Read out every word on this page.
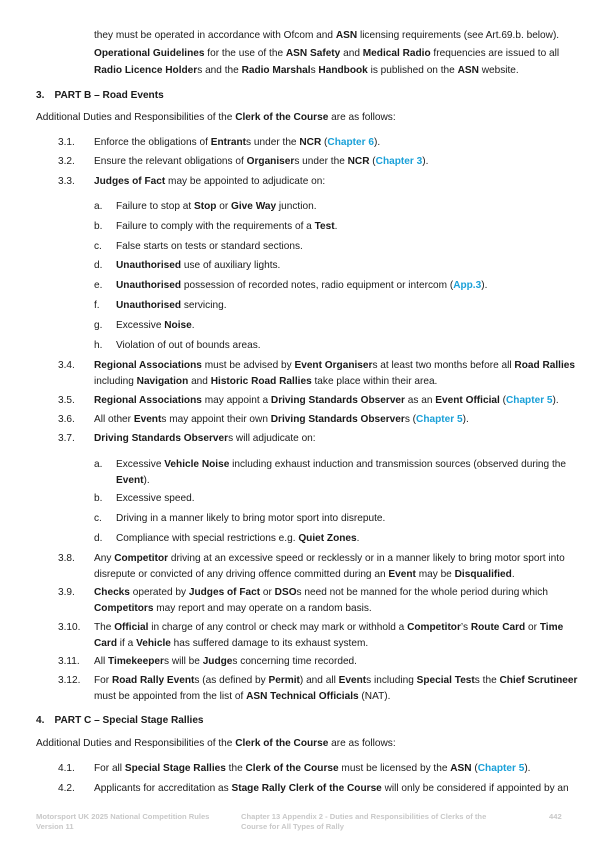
they must be operated in accordance with Ofcom and ASN licensing requirements (see Art.69.b. below).
Operational Guidelines for the use of the ASN Safety and Medical Radio frequencies are issued to all
Radio Licence Holders and the Radio Marshals Handbook is published on the ASN website.
3. PART B – Road Events
Additional Duties and Responsibilities of the Clerk of the Course are as follows:
3.1. Enforce the obligations of Entrants under the NCR (Chapter 6).
3.2. Ensure the relevant obligations of Organisers under the NCR (Chapter 3).
3.3. Judges of Fact may be appointed to adjudicate on:
a. Failure to stop at Stop or Give Way junction.
b. Failure to comply with the requirements of a Test.
c. False starts on tests or standard sections.
d. Unauthorised use of auxiliary lights.
e. Unauthorised possession of recorded notes, radio equipment or intercom (App.3).
f. Unauthorised servicing.
g. Excessive Noise.
h. Violation of out of bounds areas.
3.4. Regional Associations must be advised by Event Organisers at least two months before all Road Rallies
including Navigation and Historic Road Rallies take place within their area.
3.5. Regional Associations may appoint a Driving Standards Observer as an Event Official (Chapter 5).
3.6. All other Events may appoint their own Driving Standards Observers (Chapter 5).
3.7. Driving Standards Observers will adjudicate on:
a. Excessive Vehicle Noise including exhaust induction and transmission sources (observed during the
Event).
b. Excessive speed.
c. Driving in a manner likely to bring motor sport into disrepute.
d. Compliance with special restrictions e.g. Quiet Zones.
3.8. Any Competitor driving at an excessive speed or recklessly or in a manner likely to bring motor sport into
disrepute or convicted of any driving offence committed during an Event may be Disqualified.
3.9. Checks operated by Judges of Fact or DSOs need not be manned for the whole period during which
Competitors may report and may operate on a random basis.
3.10. The Official in charge of any control or check may mark or withhold a Competitor’s Route Card or Time
Card if a Vehicle has suffered damage to its exhaust system.
3.11. All Timekeepers will be Judges concerning time recorded.
3.12. For Road Rally Events (as defined by Permit) and all Events including Special Tests the Chief Scrutineer
must be appointed from the list of ASN Technical Officials (NAT).
4. PART C – Special Stage Rallies
Additional Duties and Responsibilities of the Clerk of the Course are as follows:
4.1. For all Special Stage Rallies the Clerk of the Course must be licensed by the ASN (Chapter 5).
4.2. Applicants for accreditation as Stage Rally Clerk of the Course will only be considered if appointed by an
Motorsport UK 2025 National Competition Rules
Version 11
Chapter 13 Appendix 2 - Duties and Responsibilities of Clerks of the
Course for All Types of Rally
442
